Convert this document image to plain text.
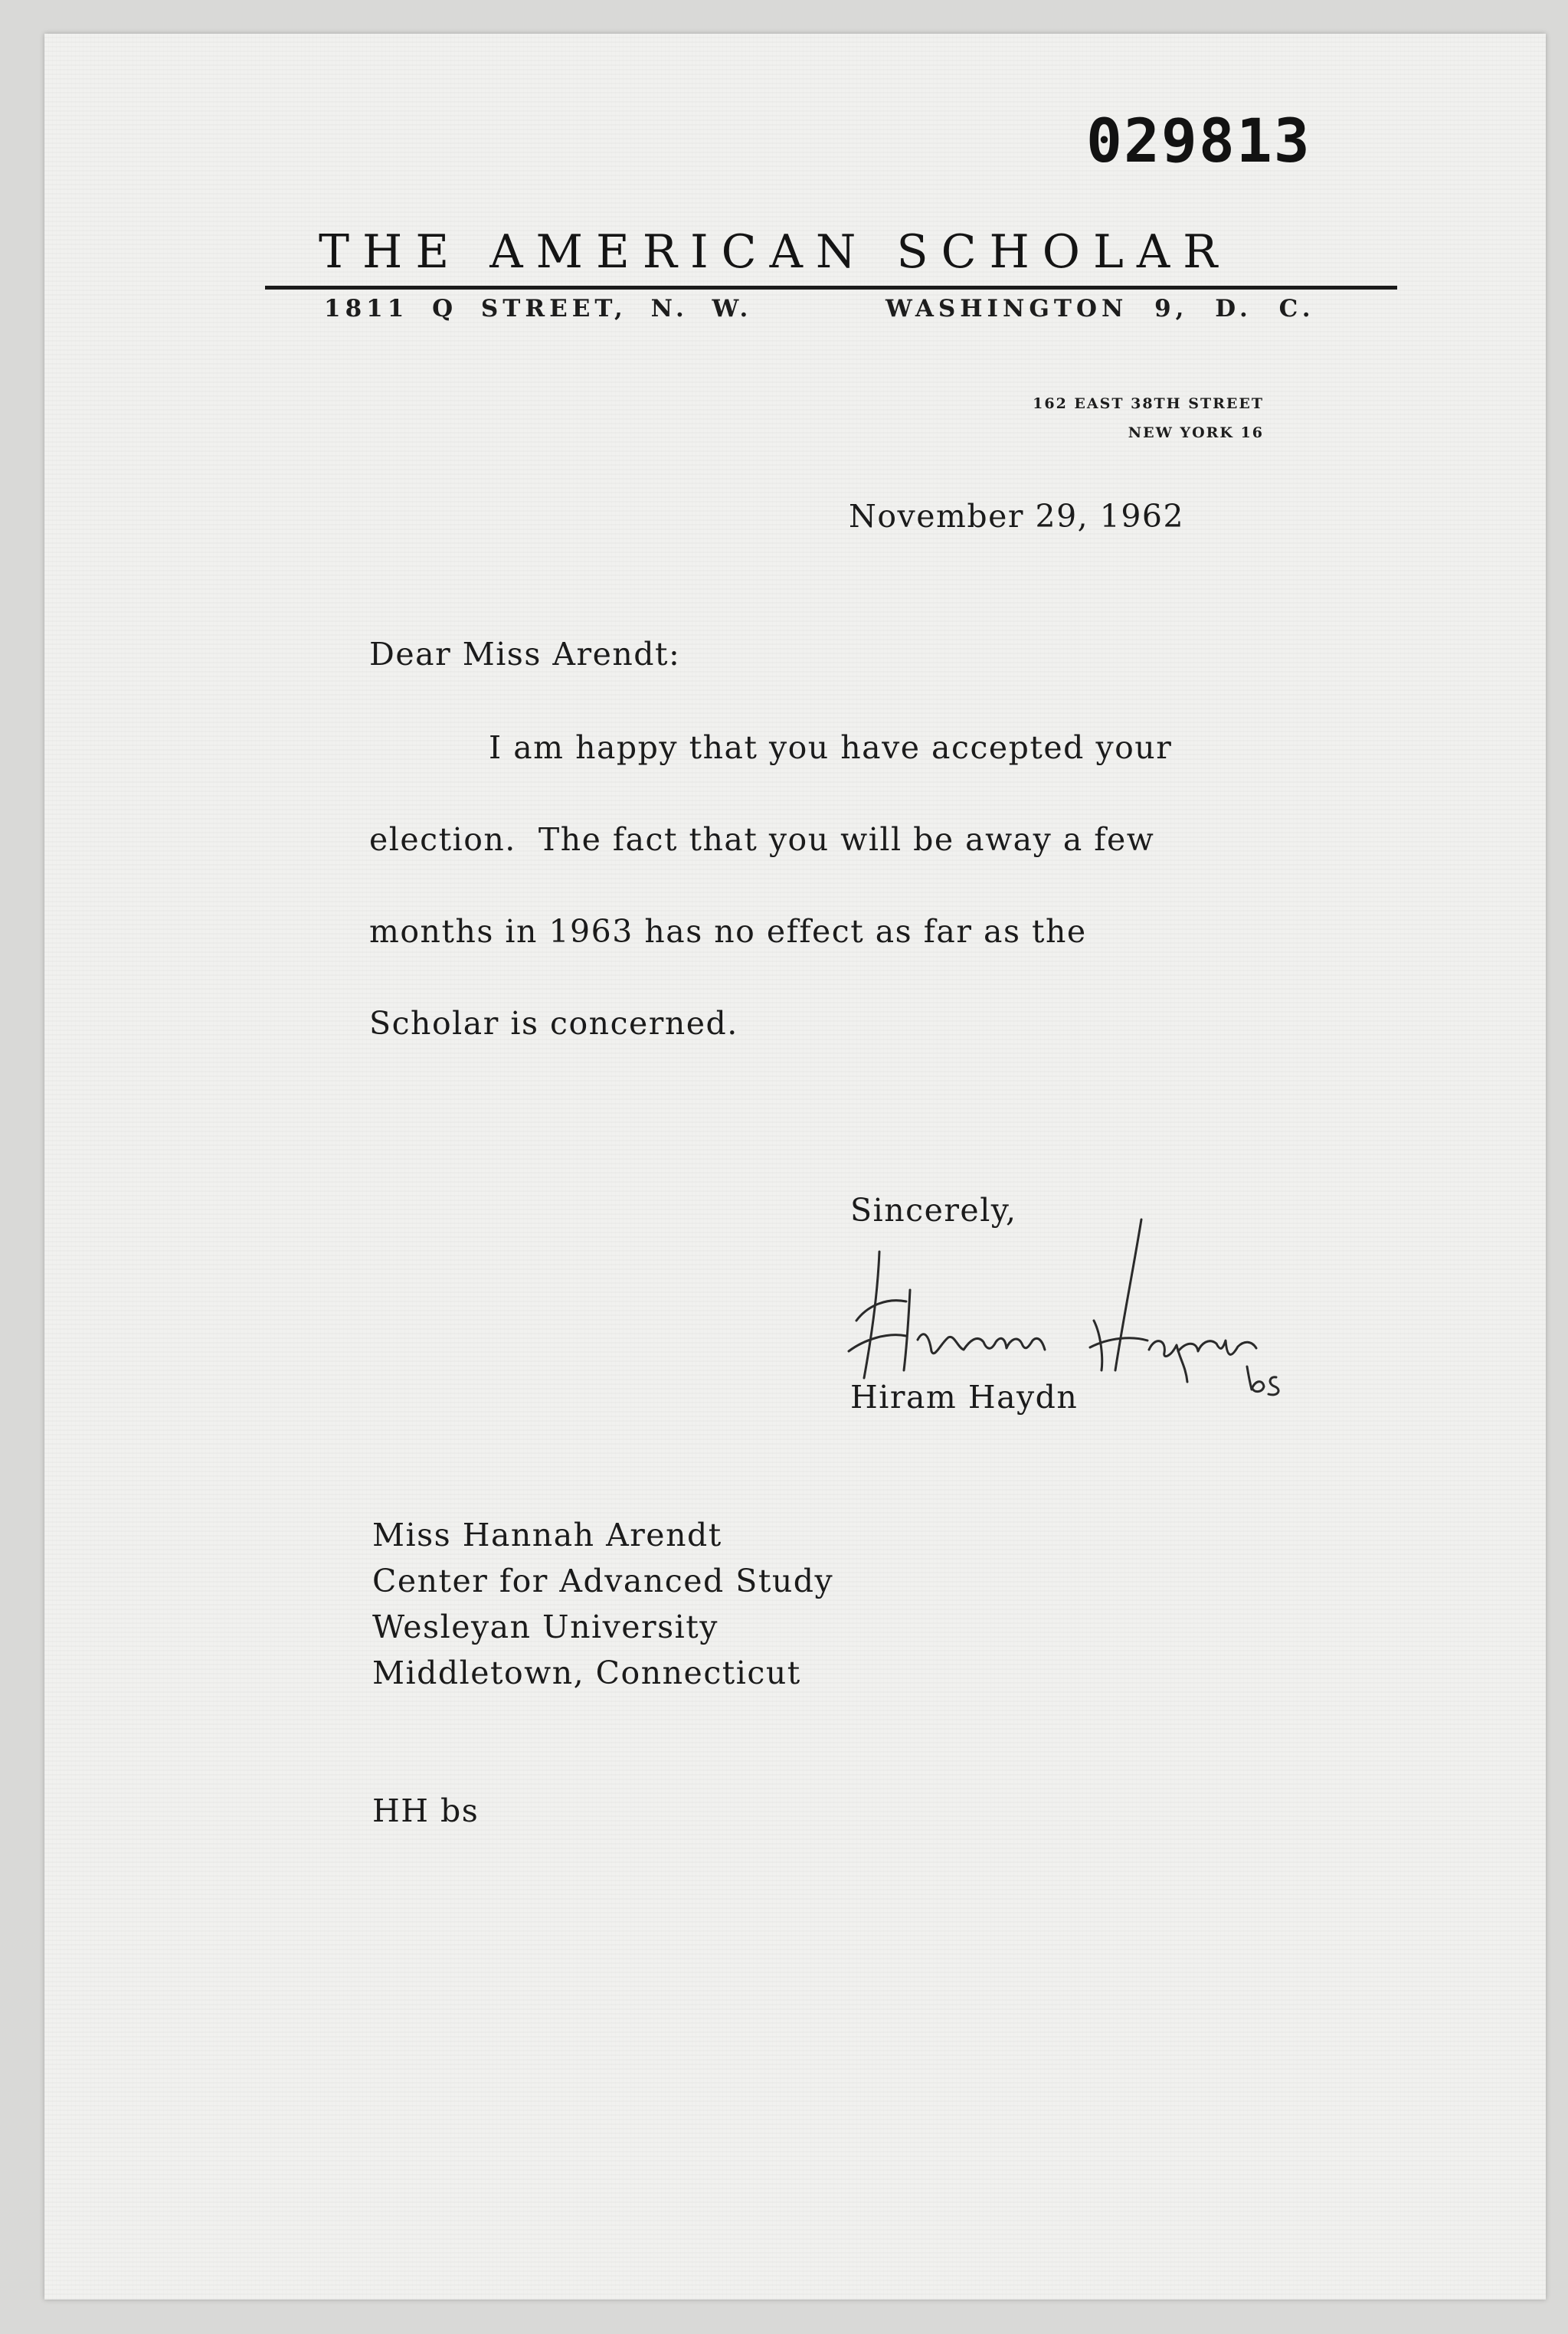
029813
THE AMERICAN SCHOLAR
1811 Q STREET, N. W.	WASHINGTON 9, D. C.
162 EAST 38TH STREET
NEW YORK 16
November 29, 1962
Dear Miss Arendt:
I am happy that you have accepted your
election.  The fact that you will be away a few
months in 1963 has no effect as far as the
Scholar is concerned.
Sincerely,
Hiram Haydn
Miss Hannah Arendt
Center for Advanced Study
Wesleyan University
Middletown, Connecticut
HH bs
